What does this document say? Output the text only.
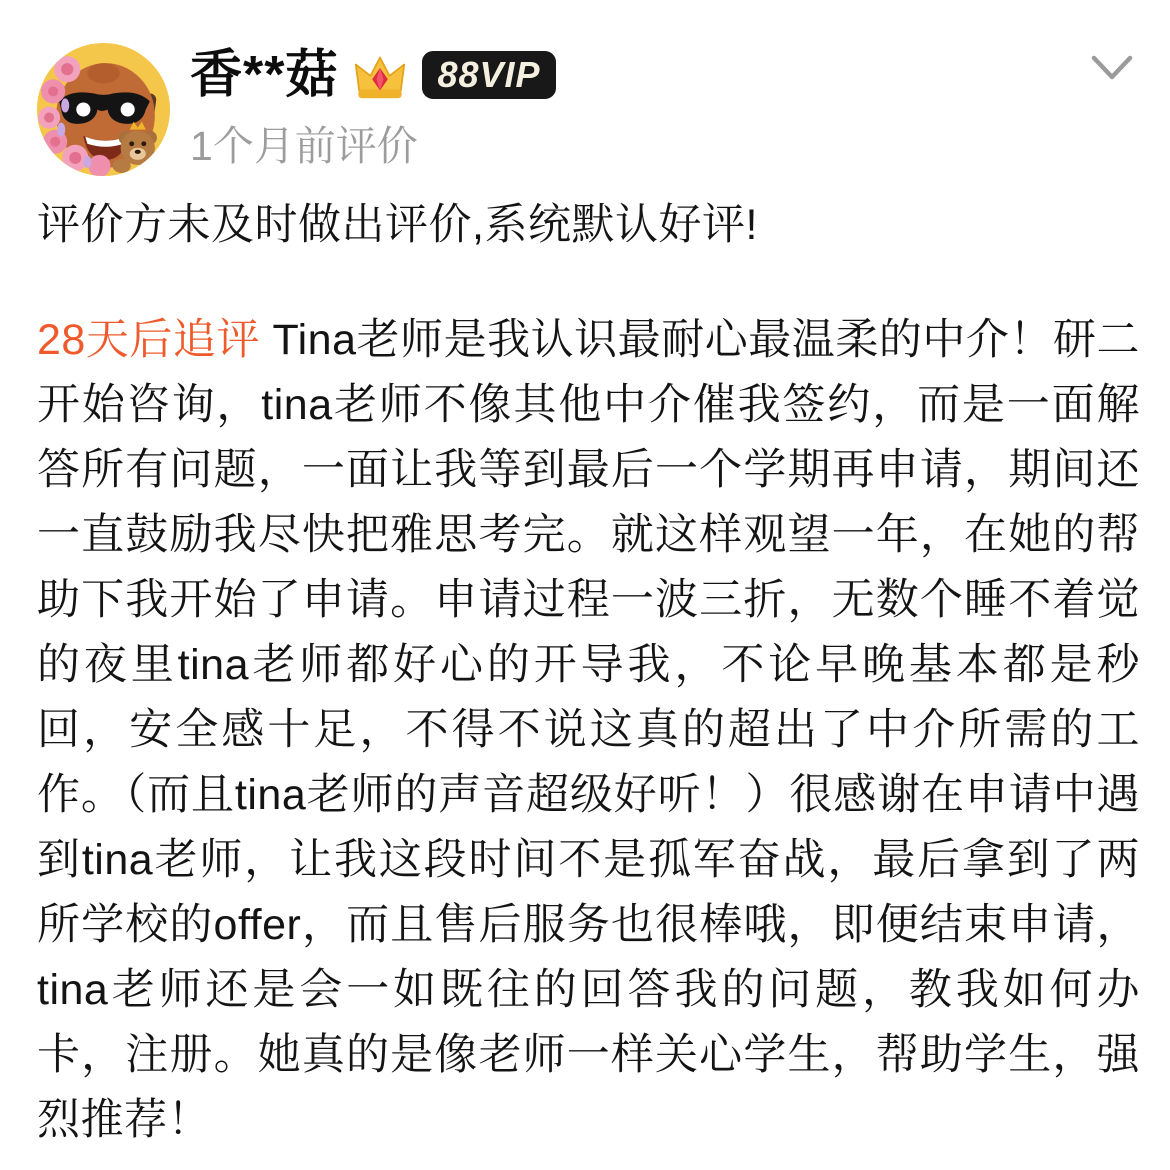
香**菇	88VIP
1个月前评价

评价方未及时做出评价,系统默认好评!

28天后追评 Tina老师是我认识最耐心最温柔的中介！研二开始咨询，tina老师不像其他中介催我签约，而是一面解答所有问题，一面让我等到最后一个学期再申请，期间还一直鼓励我尽快把雅思考完。就这样观望一年，在她的帮助下我开始了申请。申请过程一波三折，无数个睡不着觉的夜里tina老师都好心的开导我，不论早晚基本都是秒回，安全感十足，不得不说这真的超出了中介所需的工作。（而且tina老师的声音超级好听！）很感谢在申请中遇到tina老师，让我这段时间不是孤军奋战，最后拿到了两所学校的offer，而且售后服务也很棒哦，即便结束申请，tina老师还是会一如既往的回答我的问题，教我如何办卡，注册。她真的是像老师一样关心学生，帮助学生，强烈推荐！
